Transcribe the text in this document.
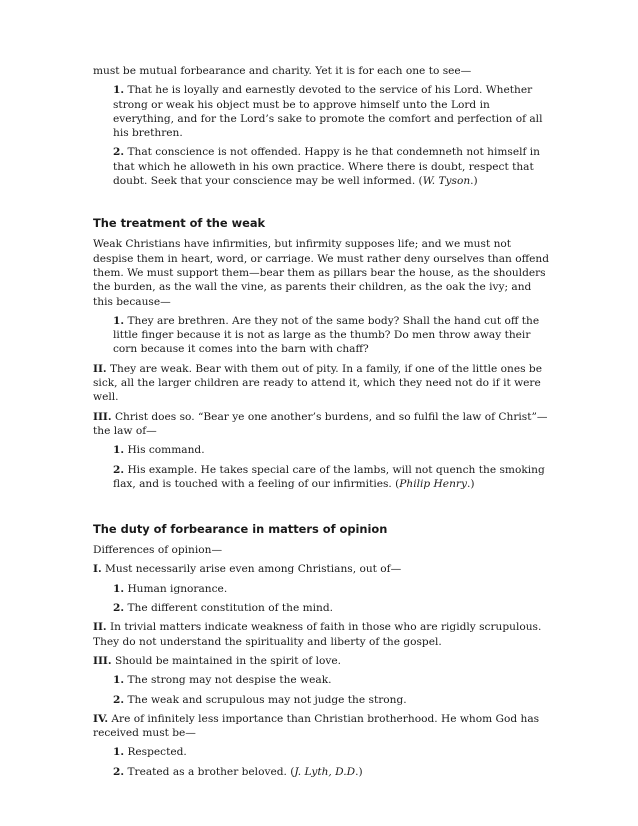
must be mutual forbearance and charity. Yet it is for each one to see—

1. That he is loyally and earnestly devoted to the service of his Lord. Whether strong or weak his object must be to approve himself unto the Lord in everything, and for the Lord’s sake to promote the comfort and perfection of all his brethren.

2. That conscience is not offended. Happy is he that condemneth not himself in that which he alloweth in his own practice. Where there is doubt, respect that doubt. Seek that your conscience may be well informed. (W. Tyson.)

The treatment of the weak

Weak Christians have infirmities, but infirmity supposes life; and we must not despise them in heart, word, or carriage. We must rather deny ourselves than offend them. We must support them—bear them as pillars bear the house, as the shoulders the burden, as the wall the vine, as parents their children, as the oak the ivy; and this because—

1. They are brethren. Are they not of the same body? Shall the hand cut off the little finger because it is not as large as the thumb? Do men throw away their corn because it comes into the barn with chaff?

II. They are weak. Bear with them out of pity. In a family, if one of the little ones be sick, all the larger children are ready to attend it, which they need not do if it were well.

III. Christ does so. “Bear ye one another’s burdens, and so fulfil the law of Christ”—the law of—

1. His command.

2. His example. He takes special care of the lambs, will not quench the smoking flax, and is touched with a feeling of our infirmities. (Philip Henry.)

The duty of forbearance in matters of opinion

Differences of opinion—

I. Must necessarily arise even among Christians, out of—

1. Human ignorance.

2. The different constitution of the mind.

II. In trivial matters indicate weakness of faith in those who are rigidly scrupulous. They do not understand the spirituality and liberty of the gospel.

III. Should be maintained in the spirit of love.

1. The strong may not despise the weak.

2. The weak and scrupulous may not judge the strong.

IV. Are of infinitely less importance than Christian brotherhood. He whom God has received must be—

1. Respected.

2. Treated as a brother beloved. (J. Lyth, D.D.)
